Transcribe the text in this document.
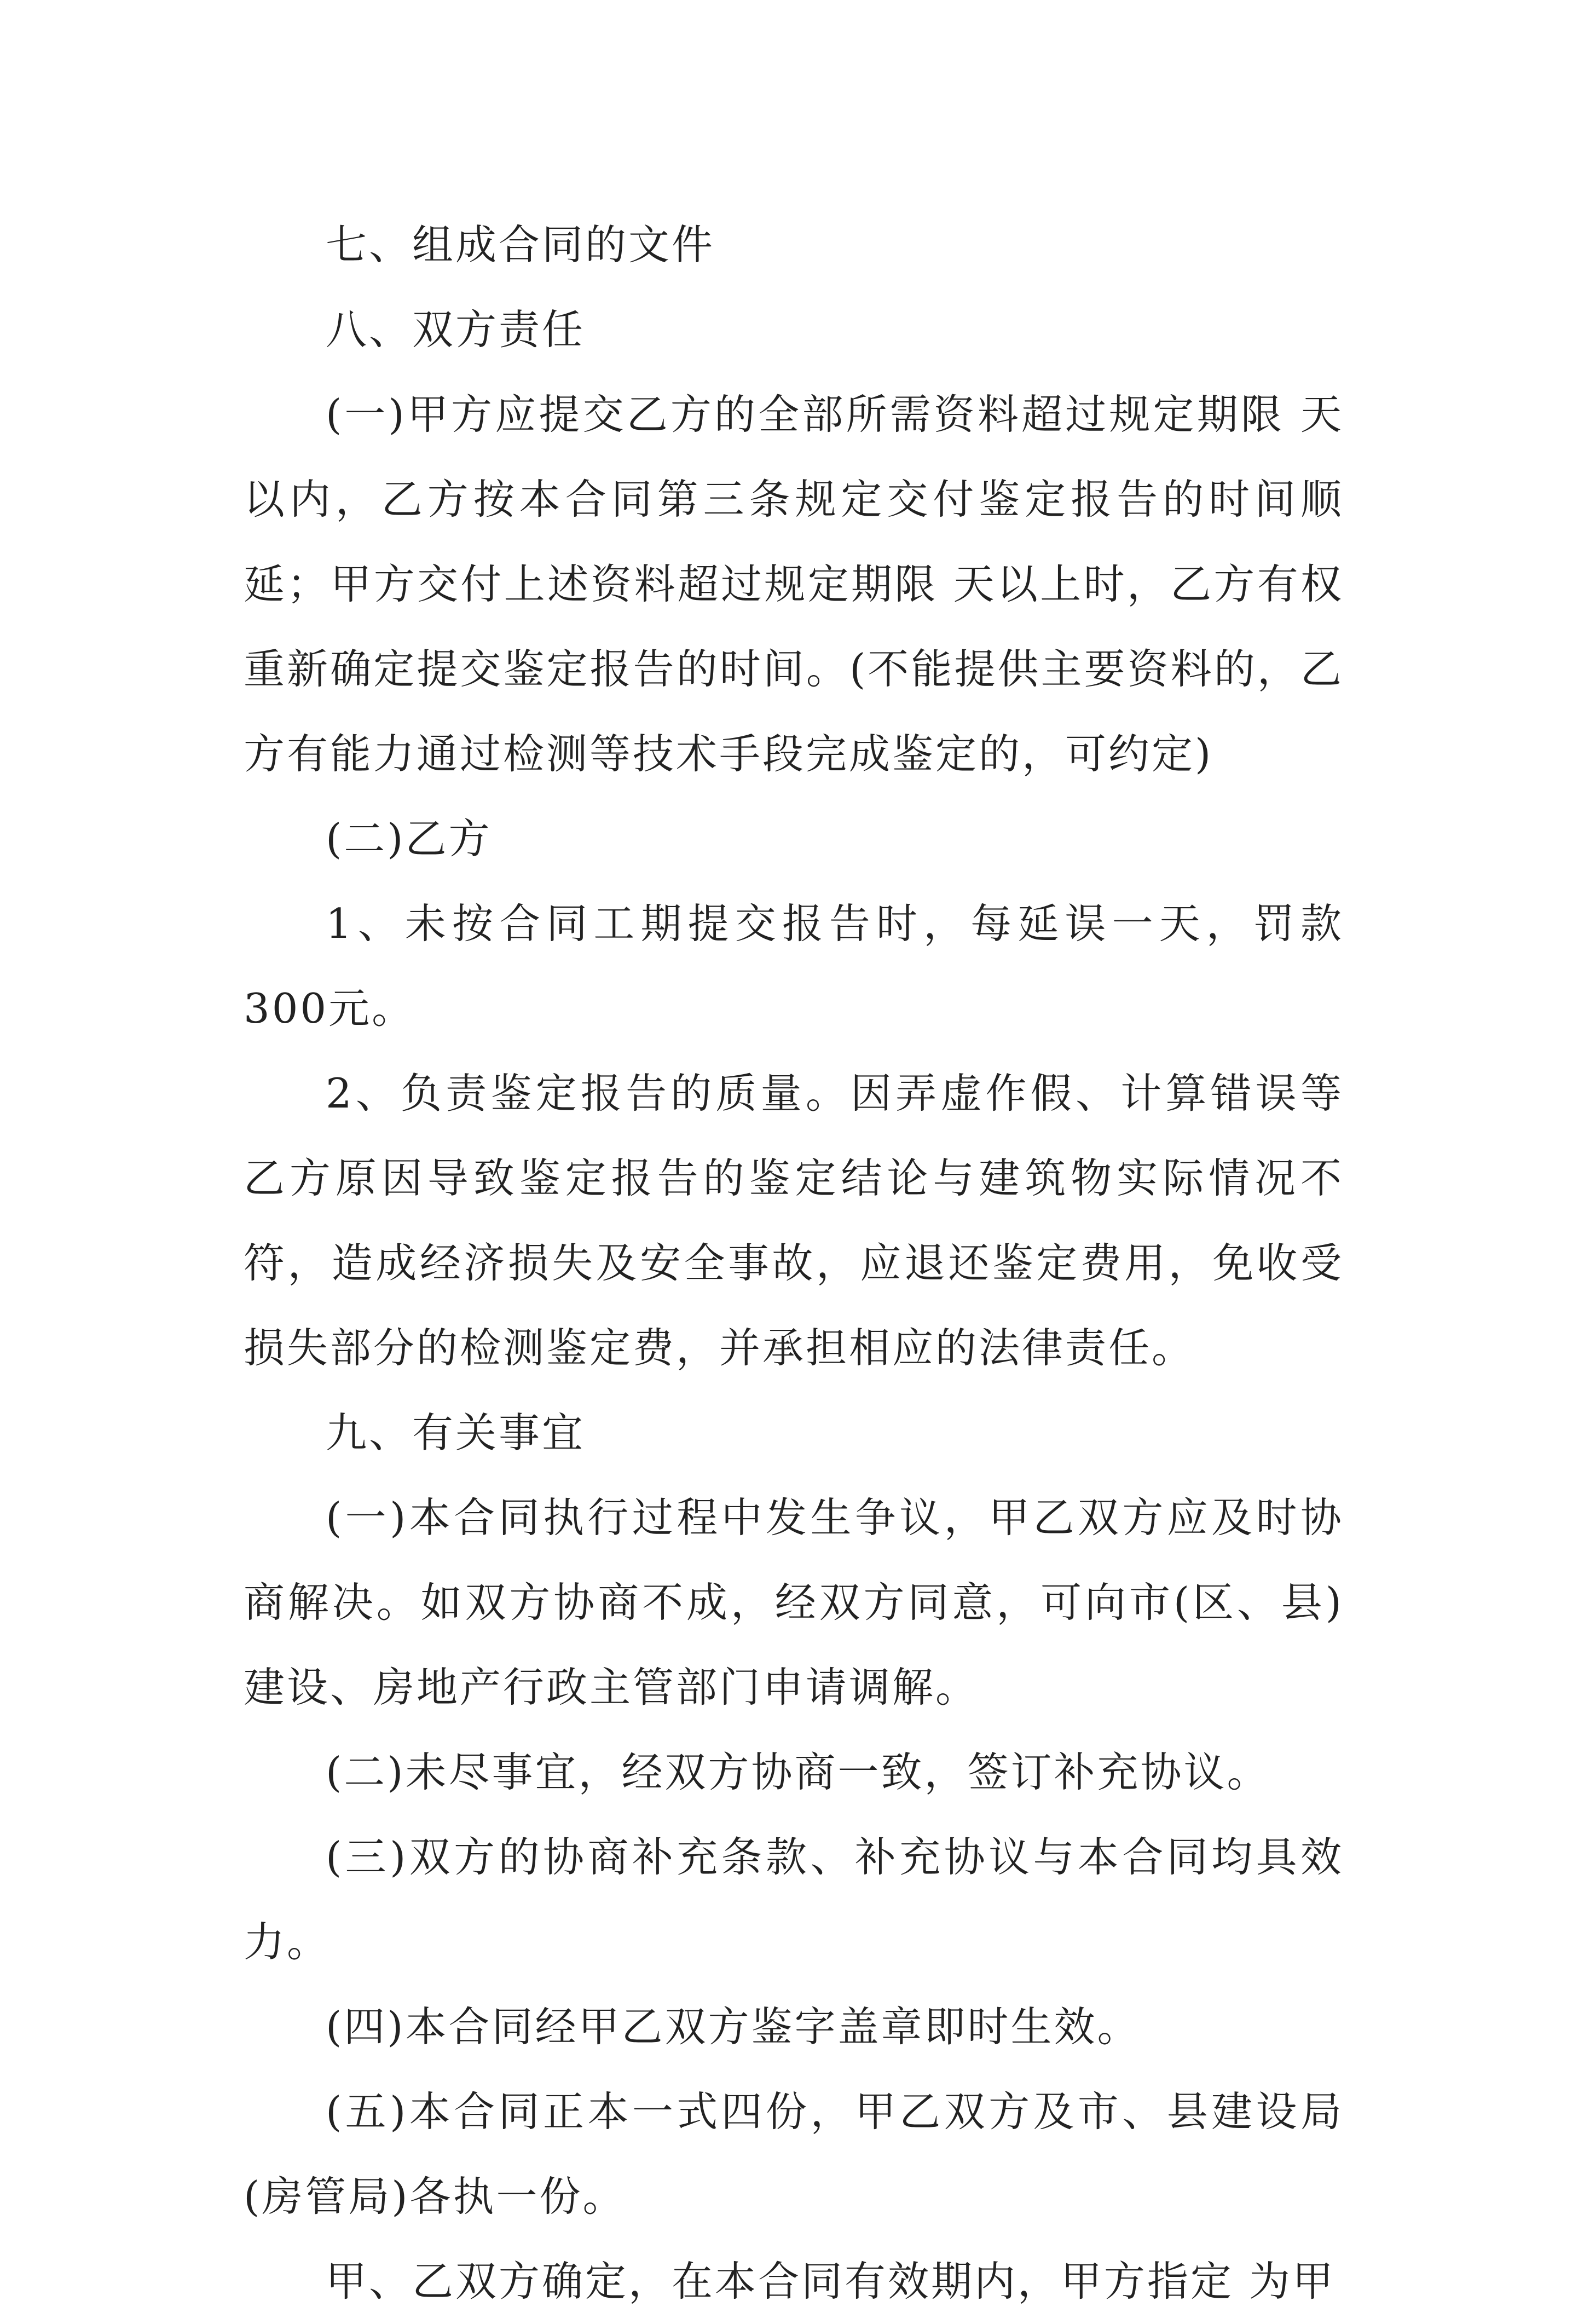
七、组成合同的文件

八、双方责任

(一)甲方应提交乙方的全部所需资料超过规定期限 天以内，乙方按本合同第三条规定交付鉴定报告的时间顺延；甲方交付上述资料超过规定期限 天以上时，乙方有权重新确定提交鉴定报告的时间。(不能提供主要资料的，乙方有能力通过检测等技术手段完成鉴定的，可约定)

(二)乙方

1、未按合同工期提交报告时，每延误一天，罚款300元。

2、负责鉴定报告的质量。因弄虚作假、计算错误等乙方原因导致鉴定报告的鉴定结论与建筑物实际情况不符，造成经济损失及安全事故，应退还鉴定费用，免收受损失部分的检测鉴定费，并承担相应的法律责任。

九、有关事宜

(一)本合同执行过程中发生争议，甲乙双方应及时协商解决。如双方协商不成，经双方同意，可向市(区、县)建设、房地产行政主管部门申请调解。

(二)未尽事宜，经双方协商一致，签订补充协议。

(三)双方的协商补充条款、补充协议与本合同均具效力。

(四)本合同经甲乙双方鉴字盖章即时生效。

(五)本合同正本一式四份，甲乙双方及市、县建设局(房管局)各执一份。

甲、乙双方确定，在本合同有效期内，甲方指定 为甲
